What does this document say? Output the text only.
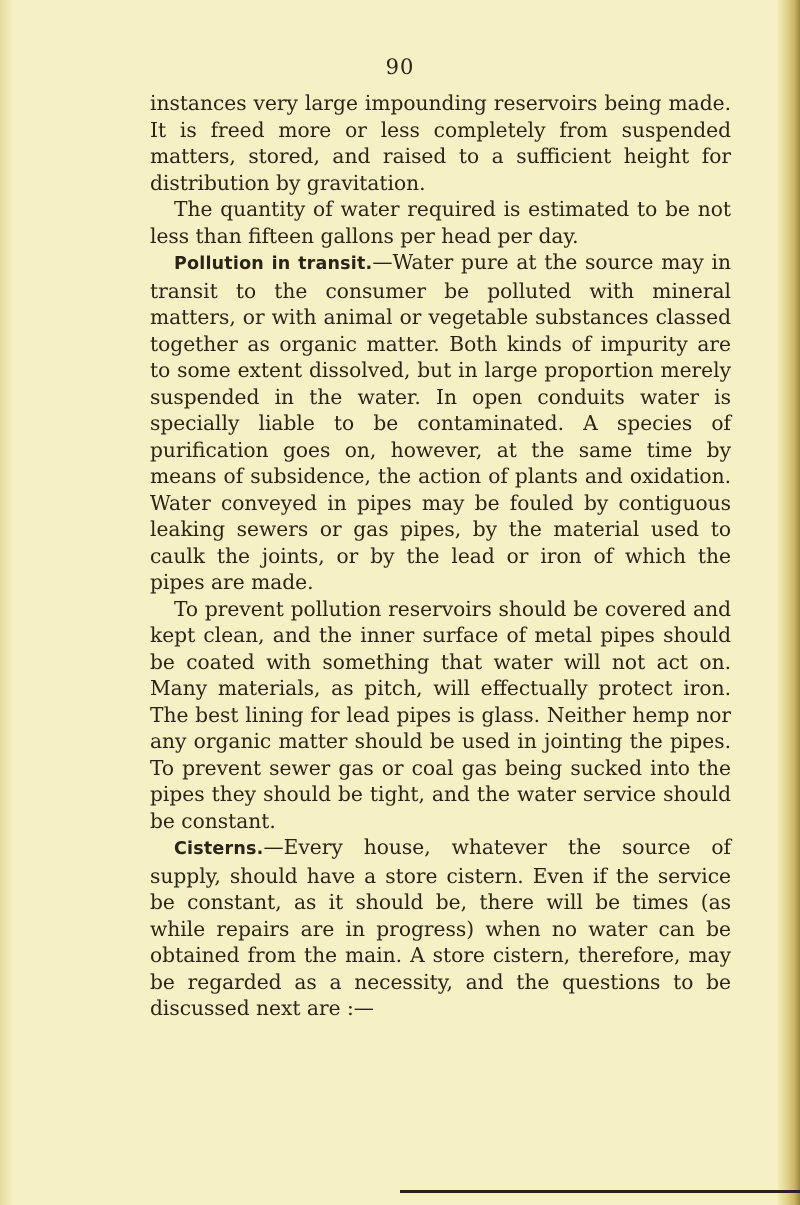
90

instances very large impounding reservoirs being made. It is freed more or less completely from suspended matters, stored, and raised to a sufficient height for distribution by gravitation.

The quantity of water required is estimated to be not less than fifteen gallons per head per day.

Pollution in transit.—Water pure at the source may in transit to the consumer be polluted with mineral matters, or with animal or vegetable substances classed together as organic matter. Both kinds of impurity are to some extent dissolved, but in large proportion merely suspended in the water. In open conduits water is specially liable to be contaminated. A species of purification goes on, however, at the same time by means of subsidence, the action of plants and oxidation. Water conveyed in pipes may be fouled by contiguous leaking sewers or gas pipes, by the material used to caulk the joints, or by the lead or iron of which the pipes are made.

To prevent pollution reservoirs should be covered and kept clean, and the inner surface of metal pipes should be coated with something that water will not act on. Many materials, as pitch, will effectually protect iron. The best lining for lead pipes is glass. Neither hemp nor any organic matter should be used in jointing the pipes. To prevent sewer gas or coal gas being sucked into the pipes they should be tight, and the water service should be constant.

Cisterns.—Every house, whatever the source of supply, should have a store cistern. Even if the service be constant, as it should be, there will be times (as while repairs are in progress) when no water can be obtained from the main. A store cistern, therefore, may be regarded as a necessity, and the questions to be discussed next are :—
